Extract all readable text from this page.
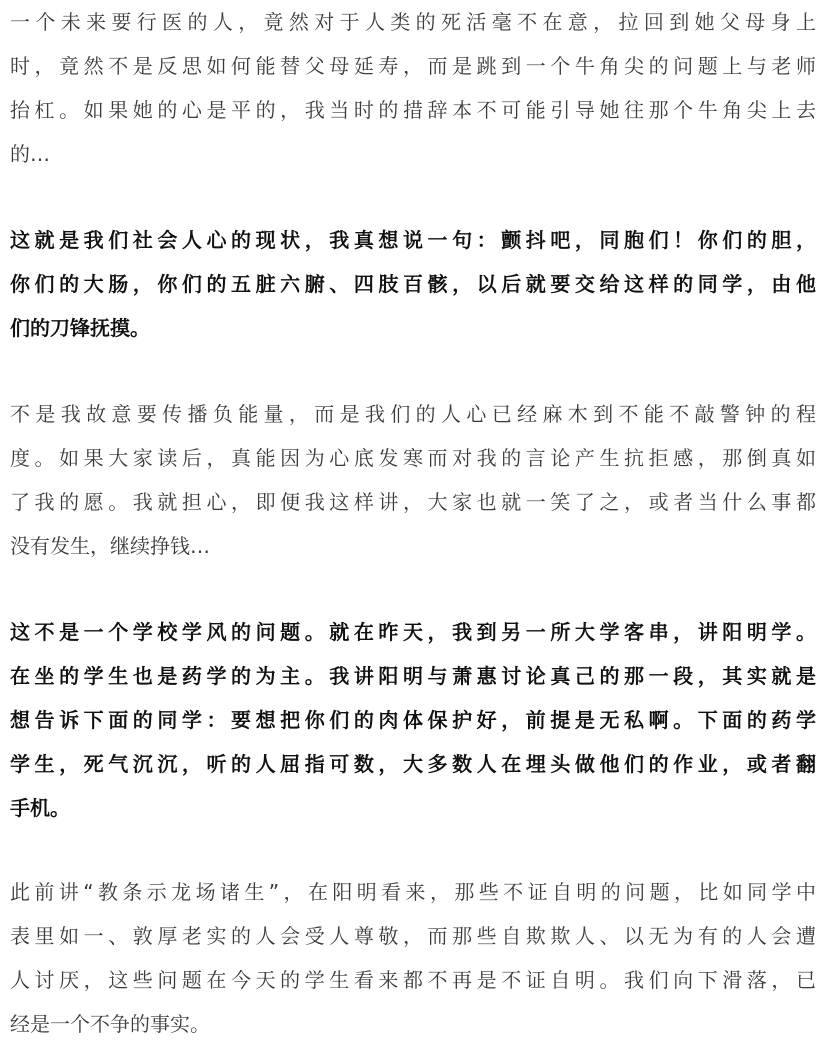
一个未来要行医的人，竟然对于人类的死活毫不在意，拉回到她父母身上
时，竟然不是反思如何能替父母延寿，而是跳到一个牛角尖的问题上与老师
抬杠。如果她的心是平的，我当时的措辞本不可能引导她往那个牛角尖上去
的…
这就是我们社会人心的现状，我真想说一句：颤抖吧，同胞们！你们的胆，
你们的大肠，你们的五脏六腑、四肢百骸，以后就要交给这样的同学，由他
们的刀锋抚摸。
不是我故意要传播负能量，而是我们的人心已经麻木到不能不敲警钟的程
度。如果大家读后，真能因为心底发寒而对我的言论产生抗拒感，那倒真如
了我的愿。我就担心，即便我这样讲，大家也就一笑了之，或者当什么事都
没有发生，继续挣钱…
这不是一个学校学风的问题。就在昨天，我到另一所大学客串，讲阳明学。
在坐的学生也是药学的为主。我讲阳明与萧惠讨论真己的那一段，其实就是
想告诉下面的同学：要想把你们的肉体保护好，前提是无私啊。下面的药学
学生，死气沉沉，听的人屈指可数，大多数人在埋头做他们的作业，或者翻
手机。
此前讲“教条示龙场诸生”，在阳明看来，那些不证自明的问题，比如同学中
表里如一、敦厚老实的人会受人尊敬，而那些自欺欺人、以无为有的人会遭
人讨厌，这些问题在今天的学生看来都不再是不证自明。我们向下滑落，已
经是一个不争的事实。
